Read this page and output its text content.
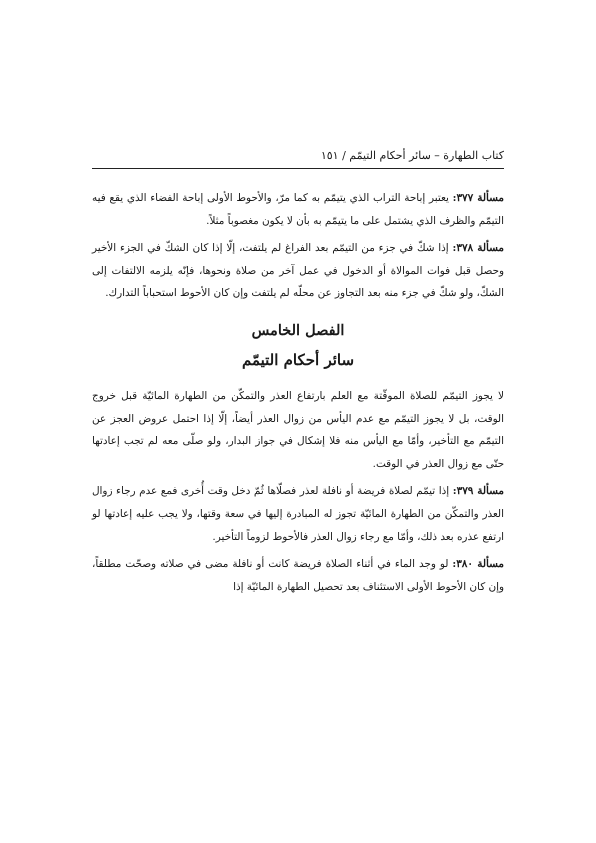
كتاب الطهارة – سائر أحكام التيمّم / ١٥١

مسألة ٣٧٧: يعتبر إباحة التراب الذي يتيمّم به كما مرّ، والأحوط الأولى إباحة الفضاء الذي يقع فيه التيمّم والظرف الذي يشتمل على ما يتيمّم به بأن لا يكون مغصوباً مثلاً.

مسألة ٣٧٨: إذا شكّ في جزء من التيمّم بعد الفراغ لم يلتفت، إلّا إذا كان الشكّ في الجزء الأخير وحصل قبل فوات الموالاة أو الدخول في عمل آخر من صلاة ونحوها، فإنّه يلزمه الالتفات إلى الشكّ، ولو شكّ في جزء منه بعد التجاوز عن محلّه لم يلتفت وإن كان الأحوط استحباباً التدارك.

الفصل الخامس
سائر أحكام التيمّم

لا يجوز التيمّم للصلاة الموقّتة مع العلم بارتفاع العذر والتمكّن من الطهارة المائيّة قبل خروج الوقت، بل لا يجوز التيمّم مع عدم اليأس من زوال العذر أيضاً، إلّا إذا احتمل عروض العجز عن التيمّم مع التأخير، وأمّا مع اليأس منه فلا إشكال في جواز البدار، ولو صلّى معه لم تجب إعادتها حتّى مع زوال العذر في الوقت.

مسألة ٣٧٩: إذا تيمّم لصلاة فريضة أو نافلة لعذر فصلّاها ثُمّ دخل وقت أُخرى فمع عدم رجاء زوال العذر والتمكّن من الطهارة المائيّة تجوز له المبادرة إليها في سعة وقتها، ولا يجب عليه إعادتها لو ارتفع عذره بعد ذلك، وأمّا مع رجاء زوال العذر فالأحوط لزوماً التأخير.

مسألة ٣٨٠: لو وجد الماء في أثناء الصلاة فريضة كانت أو نافلة مضى في صلاته وصحّت مطلقاً، وإن كان الأحوط الأولى الاستئناف بعد تحصيل الطهارة المائيّة إذا
